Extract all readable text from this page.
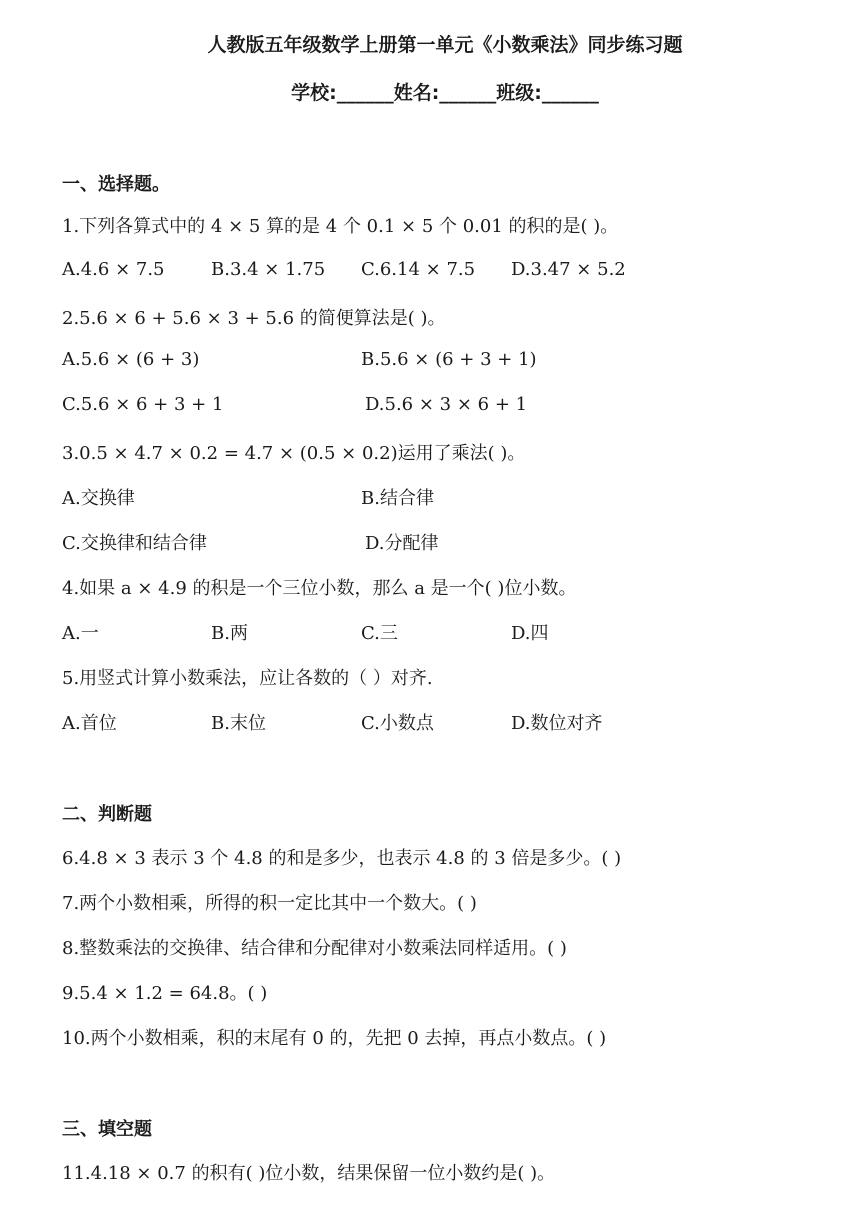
人教版五年级数学上册第一单元《小数乘法》同步练习题
学校:______姓名:______班级:______
一、选择题。
1.下列各算式中的 4 × 5 算的是 4 个 0.1 × 5 个 0.01 的积的是( )。
A.4.6 × 7.5	B.3.4 × 1.75 C.6.14 × 7.5 D.3.47 × 5.2
2.5.6 × 6 + 5.6 × 3 + 5.6 的简便算法是( )。
A.5.6 × (6 + 3)	B.5.6 × (6 + 3 + 1)
C.5.6 × 6 + 3 + 1	D.5.6 × 3 × 6 + 1
3.0.5 × 4.7 × 0.2 = 4.7 × (0.5 × 0.2)运用了乘法( )。
A.交换律	B.结合律
C.交换律和结合律	D.分配律
4.如果 a × 4.9 的积是一个三位小数，那么 a 是一个( )位小数。
A.一	B.两	C.三	D.四
5.用竖式计算小数乘法，应让各数的（ ）对齐.
A.首位	B.末位	C.小数点	D.数位对齐
二、判断题
6.4.8 × 3 表示 3 个 4.8 的和是多少，也表示 4.8 的 3 倍是多少。( )
7.两个小数相乘，所得的积一定比其中一个数大。( )
8.整数乘法的交换律、结合律和分配律对小数乘法同样适用。( )
9.5.4 × 1.2 = 64.8。( )
10.两个小数相乘，积的末尾有 0 的，先把 0 去掉，再点小数点。( )
三、填空题
11.4.18 × 0.7 的积有( )位小数，结果保留一位小数约是( )。
